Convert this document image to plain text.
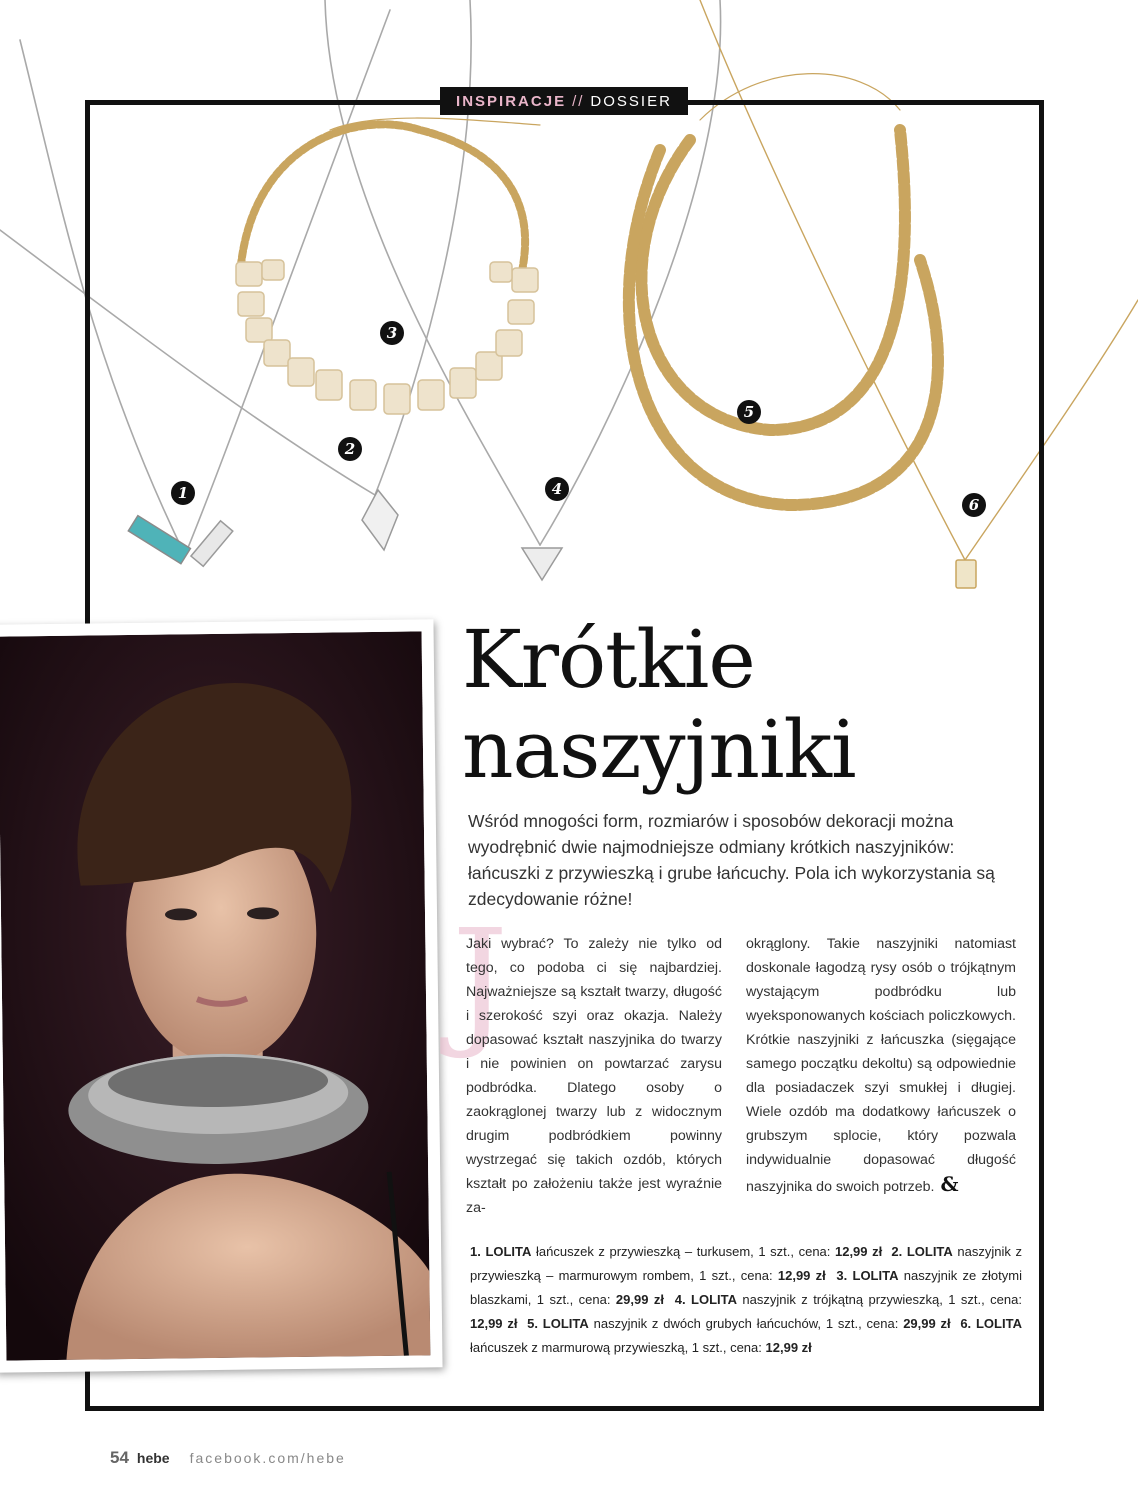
1
2
3
4
5
6
INSPIRACJE // DOSSIER
Krótkie
naszyjniki

Wśród mnogości form, rozmiarów i sposobów dekoracji można wyodrębnić dwie najmodniejsze odmiany krótkich naszyjników: łańcuszki z przywieszką i grube łańcuchy. Pola ich wykorzystania są zdecydowanie różne!

J

Jaki wybrać? To zależy nie tylko od tego, co podoba ci się najbardziej. Najważniejsze są kształt twarzy, długość i szerokość szyi oraz okazja. Należy dopasować kształt naszyjnika do twarzy i nie powinien on powtarzać zarysu podbródka. Dlatego osoby o zaokrąglonej twarzy lub z widocznym drugim podbródkiem powinny wystrzegać się takich ozdób, których kształt po założeniu także jest wyraźnie za-

okrąglony. Takie naszyjniki natomiast doskonale łagodzą rysy osób o trójkątnym wystającym podbródku lub wyeksponowanych kościach policzkowych. Krótkie naszyjniki z łańcuszka (sięgające samego początku dekoltu) są odpowiednie dla posiadaczek szyi smukłej i długiej. Wiele ozdób ma dodatkowy łańcuszek o grubszym splocie, który pozwala indywidualnie dopasować długość naszyjnika do swoich potrzeb. &

1. LOLITA łańcuszek z przywieszką – turkusem, 1 szt., cena: 12,99 zł 2. LOLITA naszyjnik z przywieszką – marmurowym rombem, 1 szt., cena: 12,99 zł 3. LOLITA naszyjnik ze złotymi blaszkami, 1 szt., cena: 29,99 zł 4. LOLITA naszyjnik z trójkątną przywieszką, 1 szt., cena: 12,99 zł 5. LOLITA naszyjnik z dwóch grubych łańcuchów, 1 szt., cena: 29,99 zł 6. LOLITA łańcuszek z marmurową przywieszką, 1 szt., cena: 12,99 zł
54 hebe facebook.com/hebe
